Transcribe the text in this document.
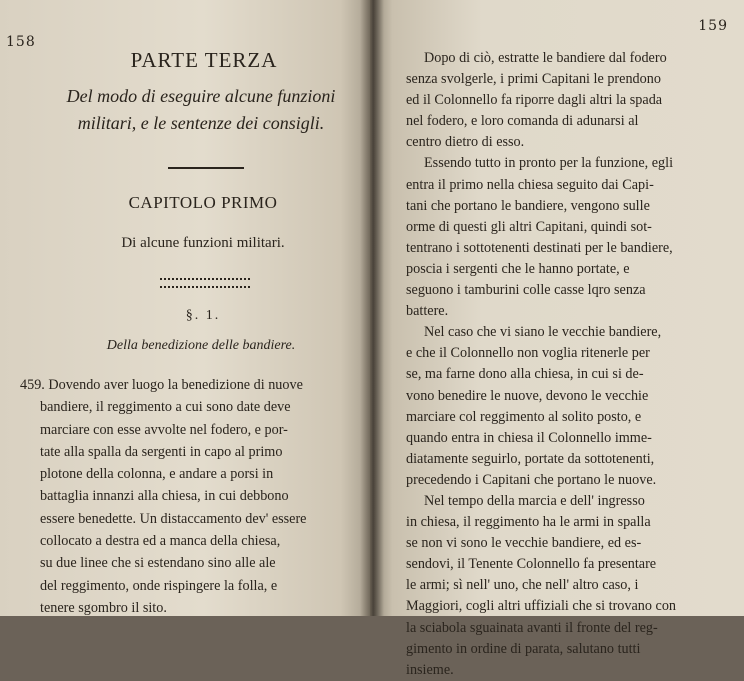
158
PARTE TERZA
Del modo di eseguire alcune funzioni
militari, e le sentenze dei consigli.
CAPITOLO PRIMO
Di alcune funzioni militari.
§. 1.
Della benedizione delle bandiere.
459. Dovendo aver luogo la benedizione di nuove
bandiere, il reggimento a cui sono date deve
marciare con esse avvolte nel fodero, e por-
tate alla spalla da sergenti in capo al primo
plotone della colonna, e andare a porsi in
battaglia innanzi alla chiesa, in cui debbono
essere benedette. Un distaccamento dev' essere
collocato a destra ed a manca della chiesa,
su due linee che si estendano sino alle ale
del reggimento, onde rispingere la folla, e
tenere sgombro il sito.
159
Dopo di ciò, estratte le bandiere dal fodero
senza svolgerle, i primi Capitani le prendono
ed il Colonnello fa riporre dagli altri la spada
nel fodero, e loro comanda di adunarsi al
centro dietro di esso.
Essendo tutto in pronto per la funzione, egli
entra il primo nella chiesa seguito dai Capi-
tani che portano le bandiere, vengono sulle
orme di questi gli altri Capitani, quindi sot-
tentrano i sottotenenti destinati per le bandiere,
poscia i sergenti che le hanno portate, e
seguono i tamburini colle casse lqro senza
battere.
Nel caso che vi siano le vecchie bandiere,
e che il Colonnello non voglia ritenerle per
se, ma farne dono alla chiesa, in cui si de-
vono benedire le nuove, devono le vecchie
marciare col reggimento al solito posto, e
quando entra in chiesa il Colonnello imme-
diatamente seguirlo, portate da sottotenenti,
precedendo i Capitani che portano le nuove.
Nel tempo della marcia e dell' ingresso
in chiesa, il reggimento ha le armi in spalla
se non vi sono le vecchie bandiere, ed es-
sendovi, il Tenente Colonnello fa presentare
le armi; sì nell' uno, che nell' altro caso, i
Maggiori, cogli altri uffiziali che si trovano con
la sciabola sguainata avanti il fronte del reg-
gimento in ordine di parata, salutano tutti
insieme.
